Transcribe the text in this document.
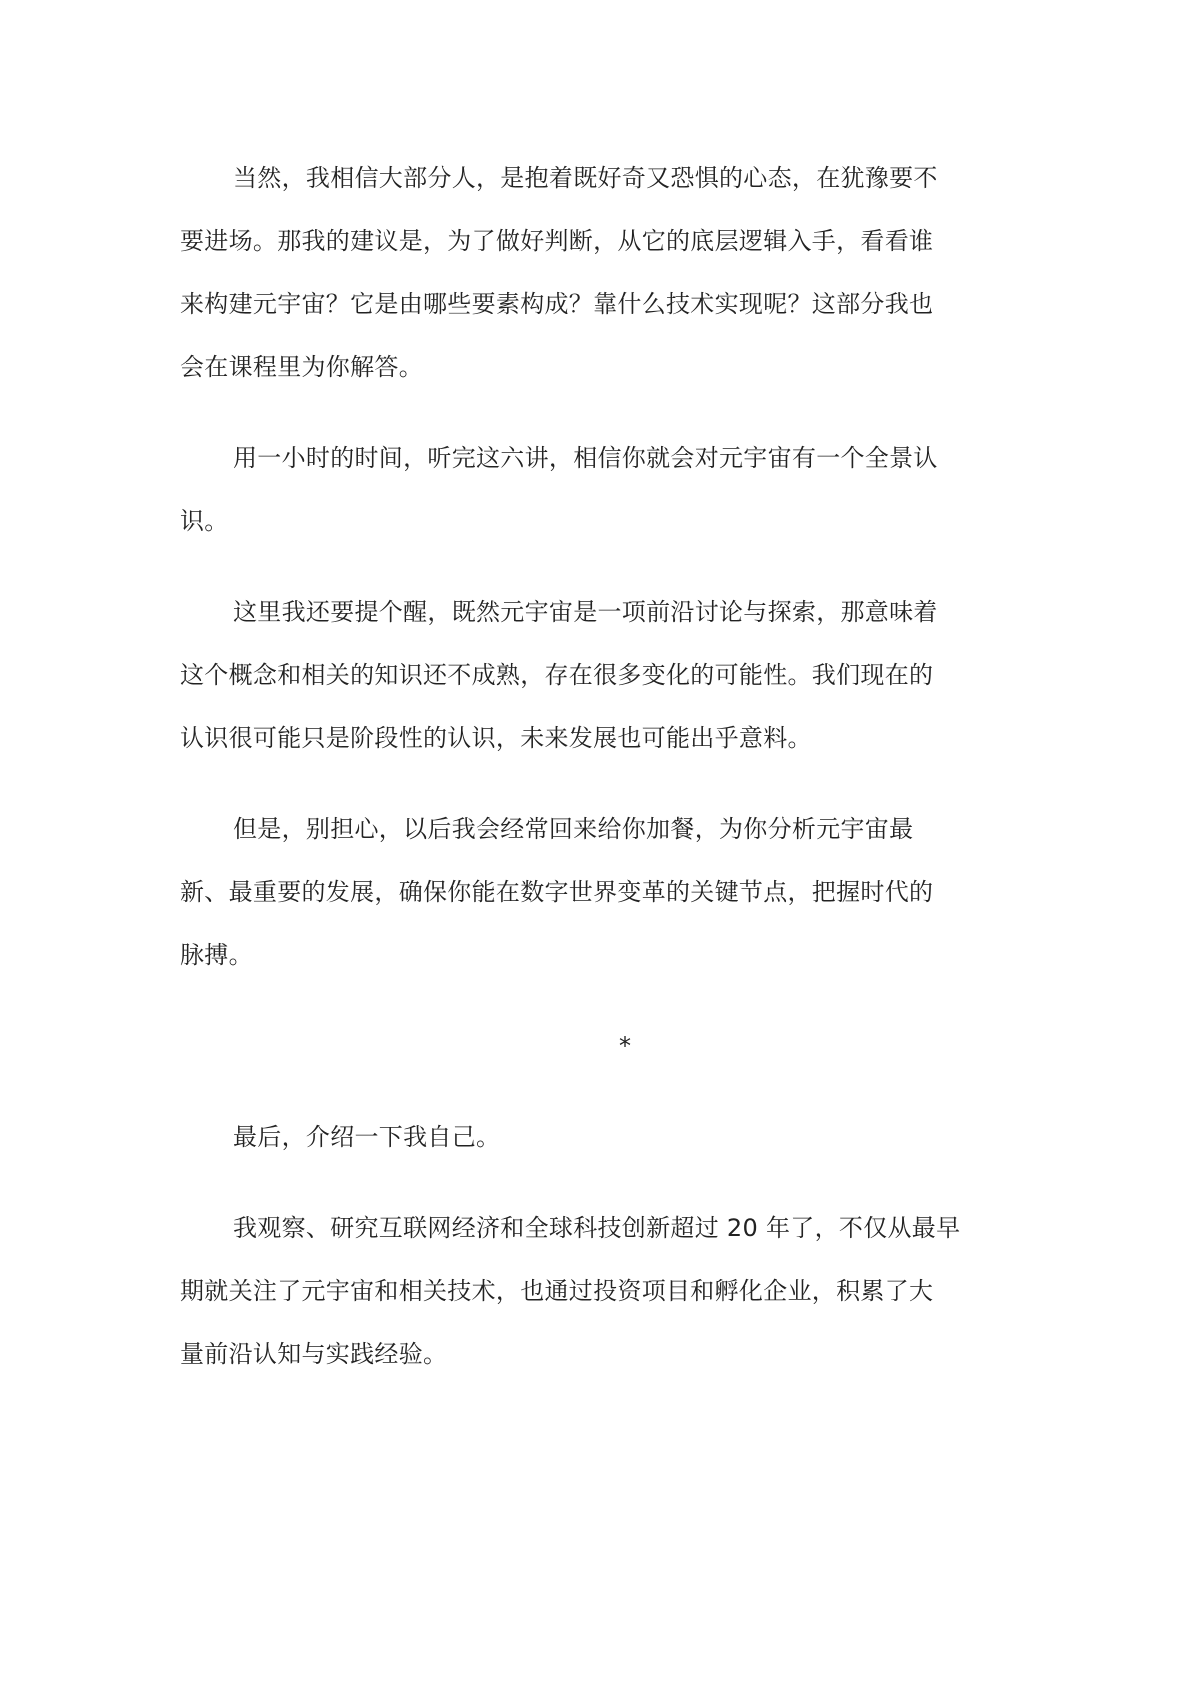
当然，我相信大部分人，是抱着既好奇又恐惧的心态，在犹豫要不

要进场。那我的建议是，为了做好判断，从它的底层逻辑入手，看看谁

来构建元宇宙？它是由哪些要素构成？靠什么技术实现呢？这部分我也

会在课程里为你解答。

用一小时的时间，听完这六讲，相信你就会对元宇宙有一个全景认

识。

这里我还要提个醒，既然元宇宙是一项前沿讨论与探索，那意味着

这个概念和相关的知识还不成熟，存在很多变化的可能性。我们现在的

认识很可能只是阶段性的认识，未来发展也可能出乎意料。

但是，别担心，以后我会经常回来给你加餐，为你分析元宇宙最

新、最重要的发展，确保你能在数字世界变革的关键节点，把握时代的

脉搏。

*

最后，介绍一下我自己。

我观察、研究互联网经济和全球科技创新超过 20 年了，不仅从最早

期就关注了元宇宙和相关技术，也通过投资项目和孵化企业，积累了大

量前沿认知与实践经验。
